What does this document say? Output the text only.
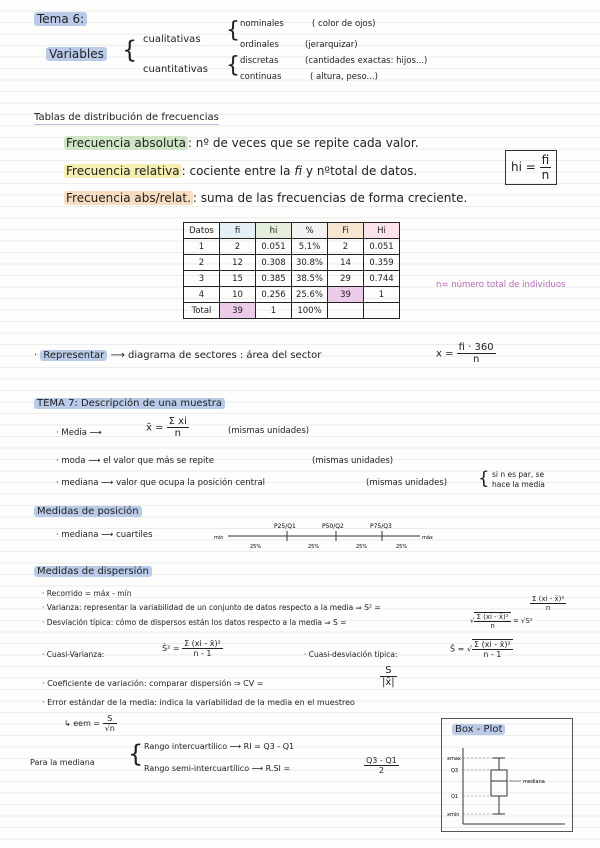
Tema 6:
Variables { cualitativas
cuantitativas
{
{
nominales	( color de ojos)
ordinales	(jerarquizar)
discretas	(cantidades exactas: hijos...)
continuas	( altura, peso...)
Tablas de distribución de frecuencias
Frecuencia absoluta : nº de veces que se repite cada valor.
Frecuencia relativa : cociente entre la fi y nºtotal de datos.	hi = $\frac{fi}{n}$
Frecuencia abs/relat. : suma de las frecuencias de forma creciente.
Datos	fi	hi	%	Fi	Hi
1	2	0.051	5.1%	2	0.051
2	12	0.308	30.8%	14	0.359
3	15	0.385	38.5%	29	0.744
4	10	0.256	25.6%	39	1
Total	39	1	100%		
n= número total de individuos
· Representar ⟶ diagrama de sectores : área del sector	$x = \frac{fi \cdot 360}{n}$
TEMA 7: Descripción de una muestra
· Media ⟶	x̄ = $\frac{\text{Σ xi}}{n}$	(mismas unidades)
· moda ⟶ el valor que más se repite	(mismas unidades)
· mediana ⟶ valor que ocupa la posición central	(mismas unidades) { si n es par, se
hace la media
Medidas de posición
· mediana ⟶ cuartiles	min	máx
P25/Q1	P50/Q2	P75/Q3
25%	25%	25%	25%
Medidas de dispersión
· Recorrido = máx - mín
· Varianza: representar la variabilidad de un conjunto de datos respecto a la media ⇒ S² =	$\frac{\text{Σ (xi - x̄)²}}{n}$
· Desviación típica: cómo de dispersos están los datos respecto a la media ⇒ S =	√ $\frac{\text{Σ (xi - x̄)²}}{n} = √S^2$
· Cuasi-Varianza:
Ŝ² = $\frac{\text{Σ (xi - x̄)²}}{n - 1}$	· Cuasi-desviación típica:
Ŝ = √ $\frac{\text{Σ (xi - x̄)²}}{n - 1}$
· Coeficiente de variación: comparar dispersión ⇒ CV =	$\frac{S}{|x̄|}$
· Error estándar de la media: indica la variabilidad de la media en el muestreo
↳ eem = $\frac{S}{√n}$
Para la mediana { Rango intercuartílico ⟶ RI = Q3 - Q1
Rango semi-intercuartílico ⟶ R.SI =	$\frac{Q3 - Q1}{2}$
Box - Plot
xmax
Q3
Q1
xmin
mediana
